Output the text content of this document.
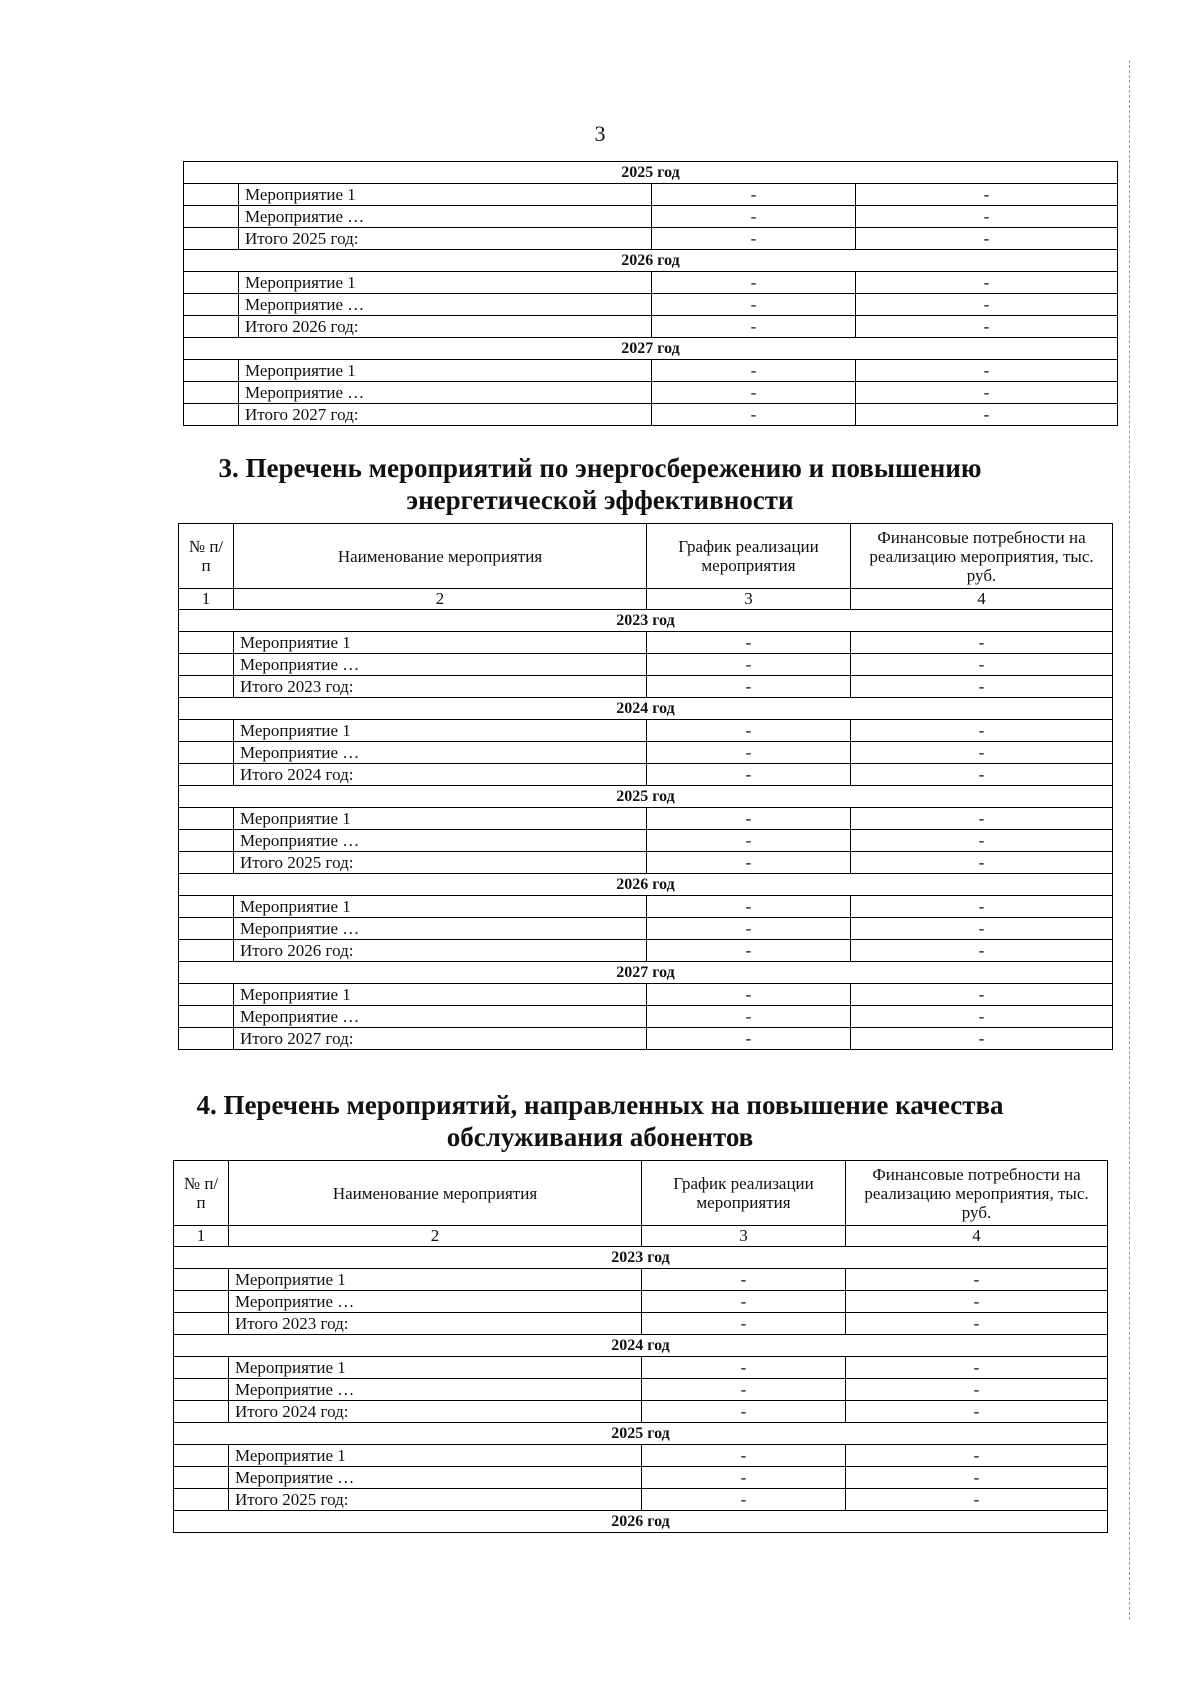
3
2025 год			
	Мероприятие 1	-	-
	Мероприятие …	-	-
	Итого 2025 год:	-	-
2026 год			
	Мероприятие 1	-	-
	Мероприятие …	-	-
	Итого 2026 год:	-	-
2027 год			
	Мероприятие 1	-	-
	Мероприятие …	-	-
	Итого 2027 год:	-	-
3. Перечень мероприятий по энергосбережению и повышению
энергетической эффективности
№ п/п	Наименование мероприятия	График реализации мероприятия	Финансовые потребности на реализацию мероприятия, тыс. руб.
1	2	3	4
2023 год			
	Мероприятие 1	-	-
	Мероприятие …	-	-
	Итого 2023 год:	-	-
2024 год			
	Мероприятие 1	-	-
	Мероприятие …	-	-
	Итого 2024 год:	-	-
2025 год			
	Мероприятие 1	-	-
	Мероприятие …	-	-
	Итого 2025 год:	-	-
2026 год			
	Мероприятие 1	-	-
	Мероприятие …	-	-
	Итого 2026 год:	-	-
2027 год			
	Мероприятие 1	-	-
	Мероприятие …	-	-
	Итого 2027 год:	-	-
4. Перечень мероприятий, направленных на повышение качества
обслуживания абонентов
№ п/п	Наименование мероприятия	График реализации мероприятия	Финансовые потребности на реализацию мероприятия, тыс. руб.
1	2	3	4
2023 год			
	Мероприятие 1	-	-
	Мероприятие …	-	-
	Итого 2023 год:	-	-
2024 год			
	Мероприятие 1	-	-
	Мероприятие …	-	-
	Итого 2024 год:	-	-
2025 год			
	Мероприятие 1	-	-
	Мероприятие …	-	-
	Итого 2025 год:	-	-
2026 год			
